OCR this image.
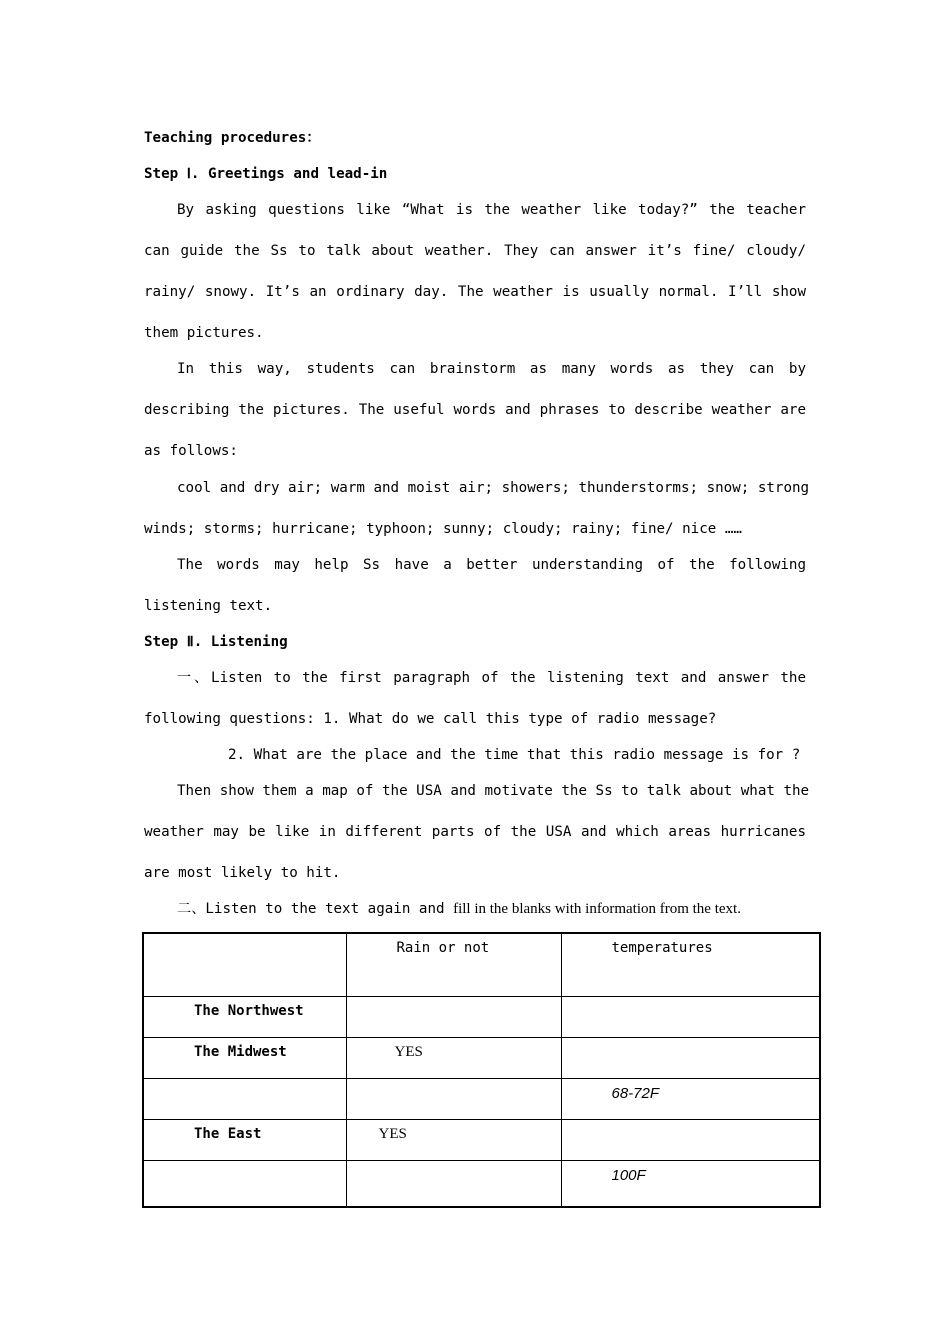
Teaching procedures：
Step Ⅰ. Greetings and lead-in
By asking questions like “What is the weather like today?” the teacher
can guide the Ss to talk about weather. They can answer it’s fine/ cloudy/
rainy/ snowy. It’s an ordinary day. The weather is usually normal. I’ll show
them pictures.
In this way, students can brainstorm as many words as they can by
describing the pictures. The useful words and phrases to describe weather are
as follows:
cool and dry air; warm and moist air; showers; thunderstorms; snow; strong
winds; storms; hurricane; typhoon; sunny; cloudy; rainy; fine/ nice ……
The words may help Ss have a better understanding of the following
listening text.
Step Ⅱ. Listening
一、Listen to the first paragraph of the listening text and answer the
following questions: 1. What do we call this type of radio message?
2. What are the place and the time that this radio message is for ?
Then show them a map of the USA and motivate the Ss to talk about what the
weather may be like in different parts of the USA and which areas hurricanes
are most likely to hit.
二、Listen to the text again and fill in the blanks with information from the text.

	Rain or not	temperatures

The Northwest		

The Midwest	YES	

		68-72F

The East	YES	

		100F
